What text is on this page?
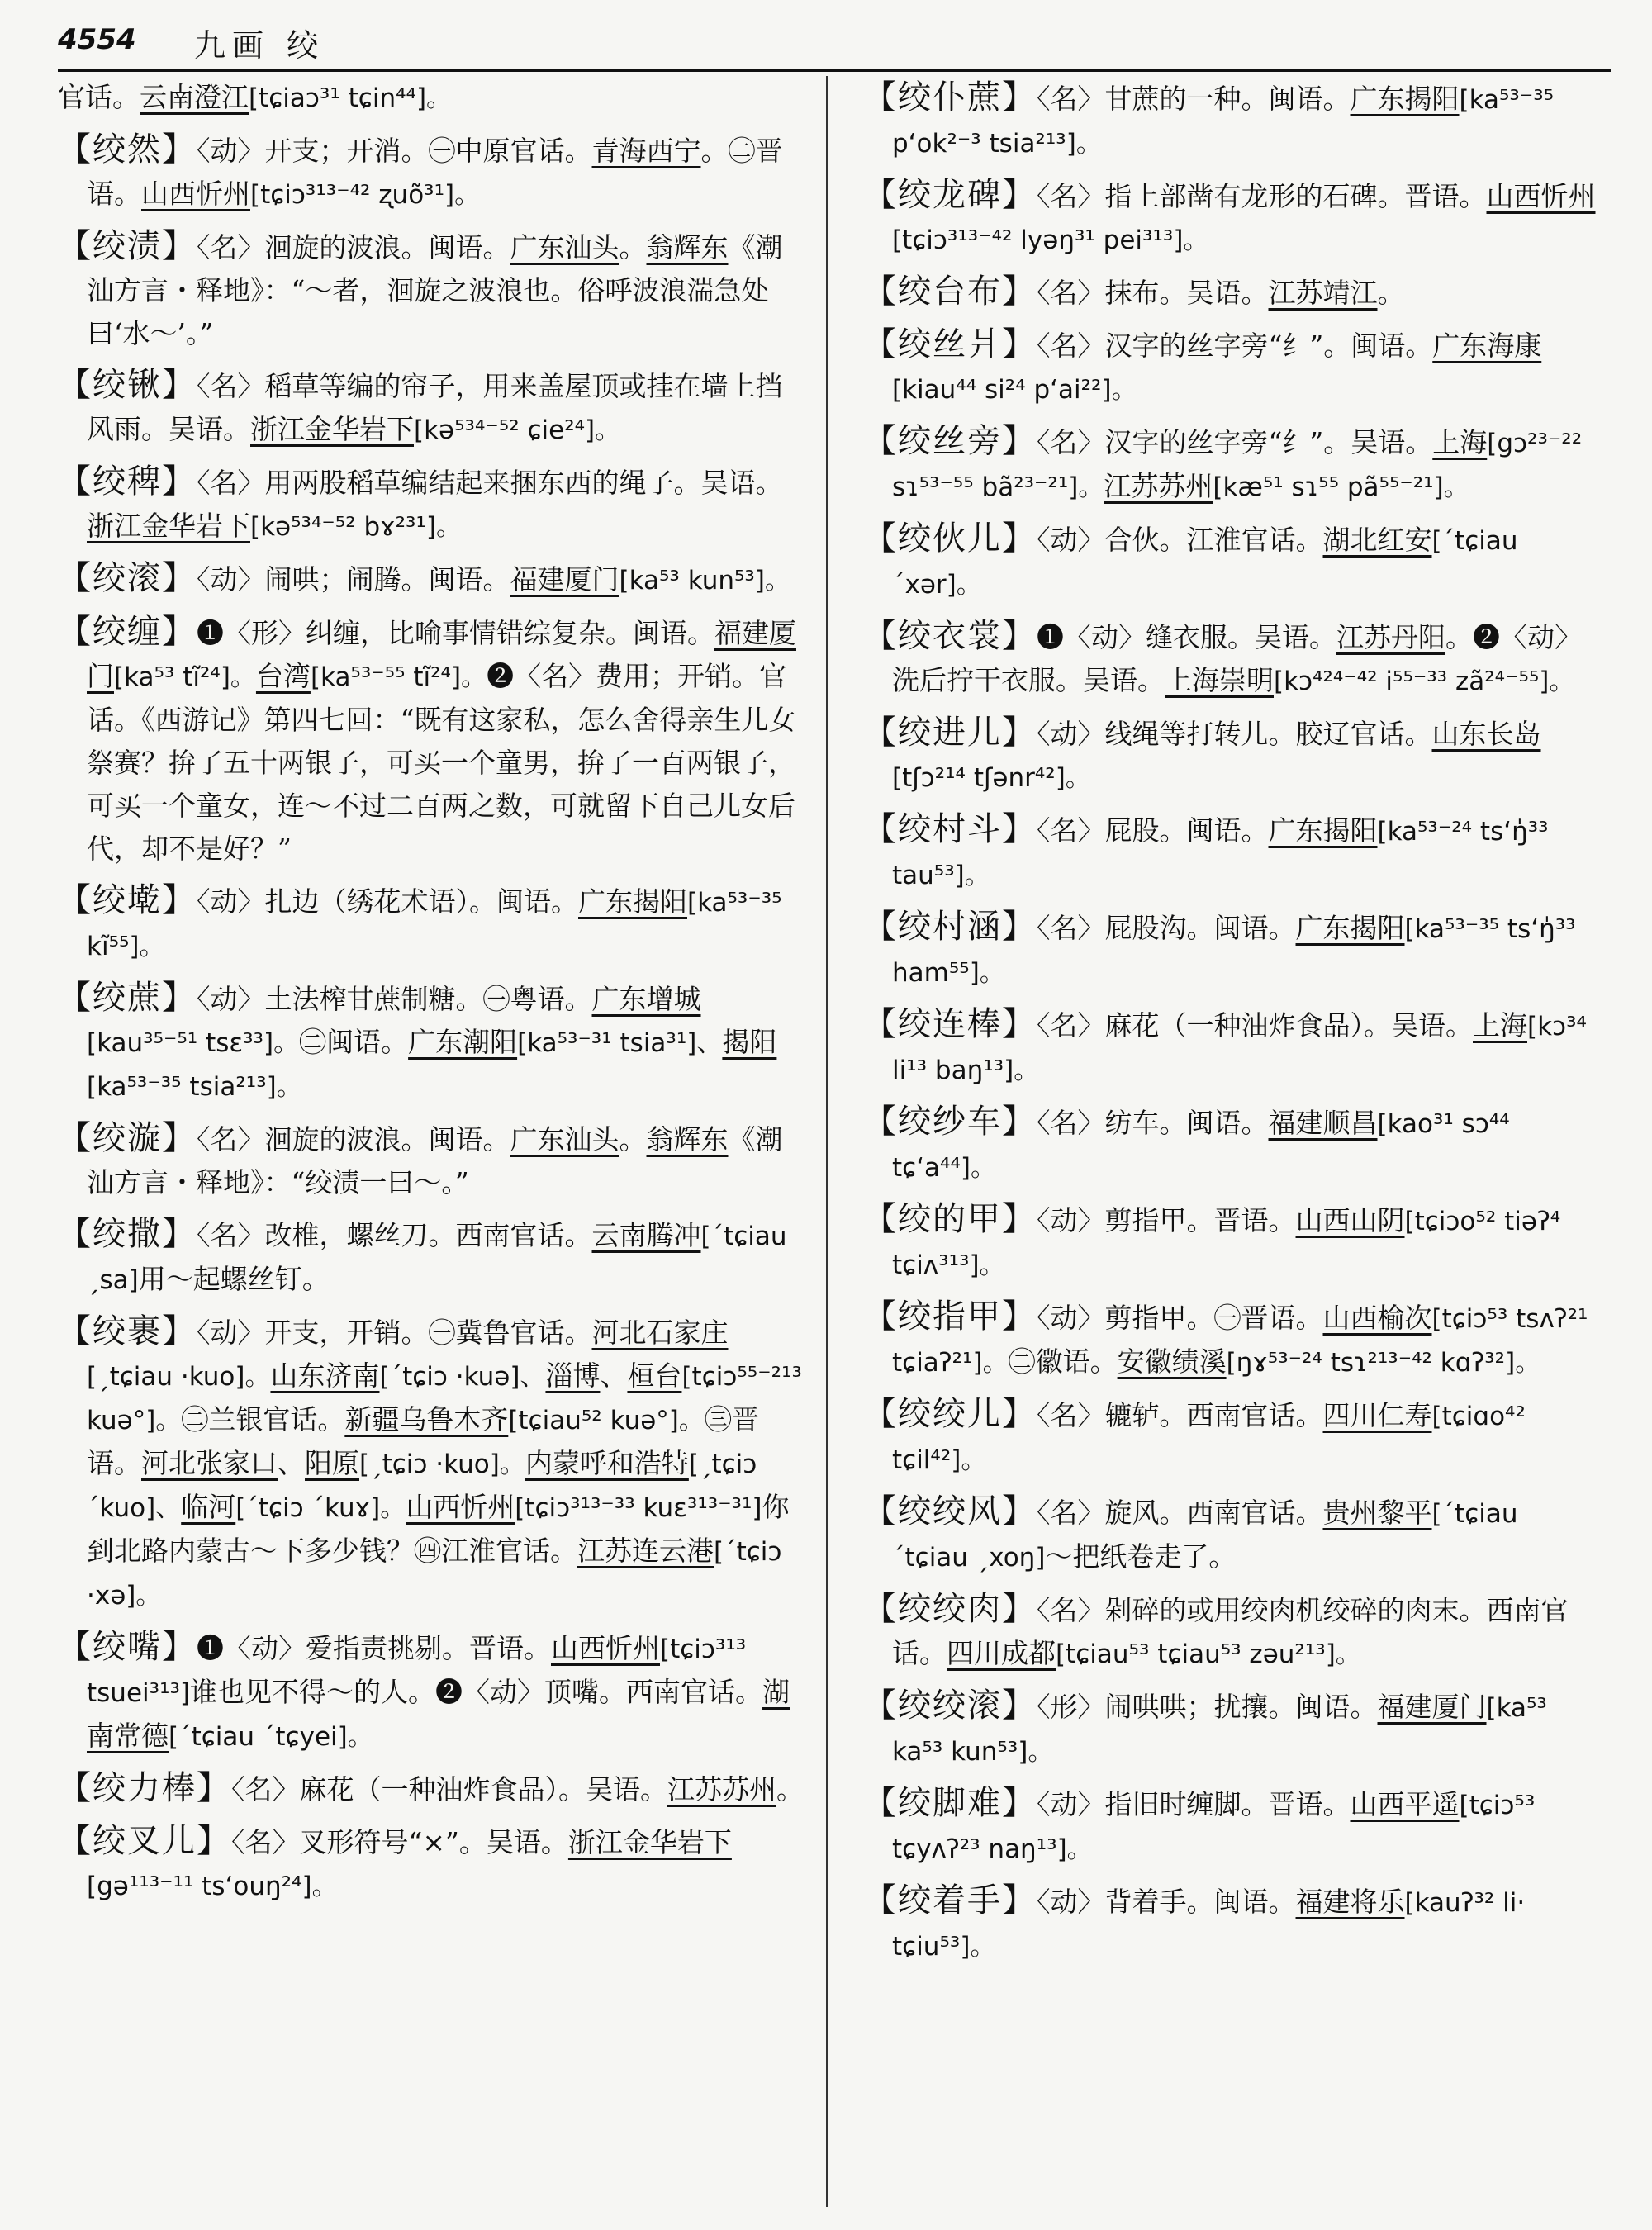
4554 九画 绞

官话。云南澄江[tɕiaɔ³¹ tɕin⁴⁴]。

【绞然】〈动〉开支；开消。㊀中原官话。青海西宁。㊁晋语。山西忻州[tɕiɔ³¹³⁻⁴² ʐuõ³¹]。

【绞渍】〈名〉洄旋的波浪。闽语。广东汕头。翁辉东《潮汕方言・释地》：“～者，洄旋之波浪也。俗呼波浪湍急处曰‘水～’。”

【绞锹】〈名〉稻草等编的帘子，用来盖屋顶或挂在墙上挡风雨。吴语。浙江金华岩下[kə⁵³⁴⁻⁵² ɕie²⁴]。

【绞稗】〈名〉用两股稻草编结起来捆东西的绳子。吴语。浙江金华岩下[kə⁵³⁴⁻⁵² bɤ²³¹]。

【绞滚】〈动〉闹哄；闹腾。闽语。福建厦门[ka⁵³ kun⁵³]。

【绞缠】❶〈形〉纠缠，比喻事情错综复杂。闽语。福建厦门[ka⁵³ tĩ²⁴]。台湾[ka⁵³⁻⁵⁵ tĩ²⁴]。❷〈名〉费用；开销。官话。《西游记》第四七回：“既有这家私，怎么舍得亲生儿女祭赛？拚了五十两银子，可买一个童男，拚了一百两银子，可买一个童女，连～不过二百两之数，可就留下自己儿女后代，却不是好？”

【绞墘】〈动〉扎边（绣花术语）。闽语。广东揭阳[ka⁵³⁻³⁵ kĩ⁵⁵]。

【绞蔗】〈动〉土法榨甘蔗制糖。㊀粤语。广东增城[kau³⁵⁻⁵¹ tsɛ³³]。㊁闽语。广东潮阳[ka⁵³⁻³¹ tsia³¹]、揭阳[ka⁵³⁻³⁵ tsia²¹³]。

【绞漩】〈名〉洄旋的波浪。闽语。广东汕头。翁辉东《潮汕方言・释地》：“绞渍一曰～。”

【绞撒】〈名〉改椎，螺丝刀。西南官话。云南腾冲[ˊtɕiau ˏsa]用～起螺丝钉。

【绞裹】〈动〉开支，开销。㊀冀鲁官话。河北石家庄[ˏtɕiau ·kuo]。山东济南[ˊtɕiɔ ·kuə]、淄博、桓台[tɕiɔ⁵⁵⁻²¹³ kuə°]。㊁兰银官话。新疆乌鲁木齐[tɕiau⁵² kuə°]。㊂晋语。河北张家口、阳原[ˏtɕiɔ ·kuo]。内蒙呼和浩特[ˏtɕiɔ ˊkuo]、临河[ˊtɕiɔ ˊkuɤ]。山西忻州[tɕiɔ³¹³⁻³³ kuɛ³¹³⁻³¹]你到北路内蒙古～下多少钱？㊃江淮官话。江苏连云港[ˊtɕiɔ ·xə]。

【绞嘴】❶〈动〉爱指责挑剔。晋语。山西忻州[tɕiɔ³¹³ tsuei³¹³]谁也见不得～的人。❷〈动〉顶嘴。西南官话。湖南常德[ˊtɕiau ˊtɕyei]。

【绞力棒】〈名〉麻花（一种油炸食品）。吴语。江苏苏州。

【绞叉儿】〈名〉叉形符号“×”。吴语。浙江金华岩下[gə¹¹³⁻¹¹ tsʻouŋ²⁴]。

【绞仆蔗】〈名〉甘蔗的一种。闽语。广东揭阳[ka⁵³⁻³⁵ pʻok²⁻³ tsia²¹³]。

【绞龙碑】〈名〉指上部凿有龙形的石碑。晋语。山西忻州[tɕiɔ³¹³⁻⁴² lyəŋ³¹ pei³¹³]。

【绞台布】〈名〉抹布。吴语。江苏靖江。

【绞丝爿】〈名〉汉字的丝字旁“纟”。闽语。广东海康[kiau⁴⁴ si²⁴ pʻai²²]。

【绞丝旁】〈名〉汉字的丝字旁“纟”。吴语。上海[gɔ²³⁻²² sɿ⁵³⁻⁵⁵ bã²³⁻²¹]。江苏苏州[kæ⁵¹ sɿ⁵⁵ pã⁵⁵⁻²¹]。

【绞伙儿】〈动〉合伙。江淮官话。湖北红安[ˊtɕiau ˊxər]。

【绞衣裳】❶〈动〉缝衣服。吴语。江苏丹阳。❷〈动〉洗后拧干衣服。吴语。上海崇明[kɔ⁴²⁴⁻⁴² i⁵⁵⁻³³ zã²⁴⁻⁵⁵]。

【绞进儿】〈动〉线绳等打转儿。胶辽官话。山东长岛[tʃɔ²¹⁴ tʃənr⁴²]。

【绞村斗】〈名〉屁股。闽语。广东揭阳[ka⁵³⁻²⁴ tsʻŋ̍³³ tau⁵³]。

【绞村涵】〈名〉屁股沟。闽语。广东揭阳[ka⁵³⁻³⁵ tsʻŋ̍³³ ham⁵⁵]。

【绞连棒】〈名〉麻花（一种油炸食品）。吴语。上海[kɔ³⁴ li¹³ baŋ¹³]。

【绞纱车】〈名〉纺车。闽语。福建顺昌[kao³¹ sɔ⁴⁴ tɕʻa⁴⁴]。

【绞的甲】〈动〉剪指甲。晋语。山西山阴[tɕiɔo⁵² tiəʔ⁴ tɕiʌ³¹³]。

【绞指甲】〈动〉剪指甲。㊀晋语。山西榆次[tɕiɔ⁵³ tsʌʔ²¹ tɕiaʔ²¹]。㊁徽语。安徽绩溪[ŋɤ⁵³⁻²⁴ tsɿ²¹³⁻⁴² kɑʔ³²]。

【绞绞儿】〈名〉辘轳。西南官话。四川仁寿[tɕiɑo⁴² tɕil⁴²]。

【绞绞风】〈名〉旋风。西南官话。贵州黎平[ˊtɕiau ˊtɕiau ˏxoŋ]～把纸卷走了。

【绞绞肉】〈名〉剁碎的或用绞肉机绞碎的肉末。西南官话。四川成都[tɕiau⁵³ tɕiau⁵³ zəu²¹³]。

【绞绞滚】〈形〉闹哄哄；扰攘。闽语。福建厦门[ka⁵³ ka⁵³ kun⁵³]。

【绞脚难】〈动〉指旧时缠脚。晋语。山西平遥[tɕiɔ⁵³ tɕyʌʔ²³ naŋ¹³]。

【绞着手】〈动〉背着手。闽语。福建将乐[kauʔ³² li· tɕiu⁵³]。
